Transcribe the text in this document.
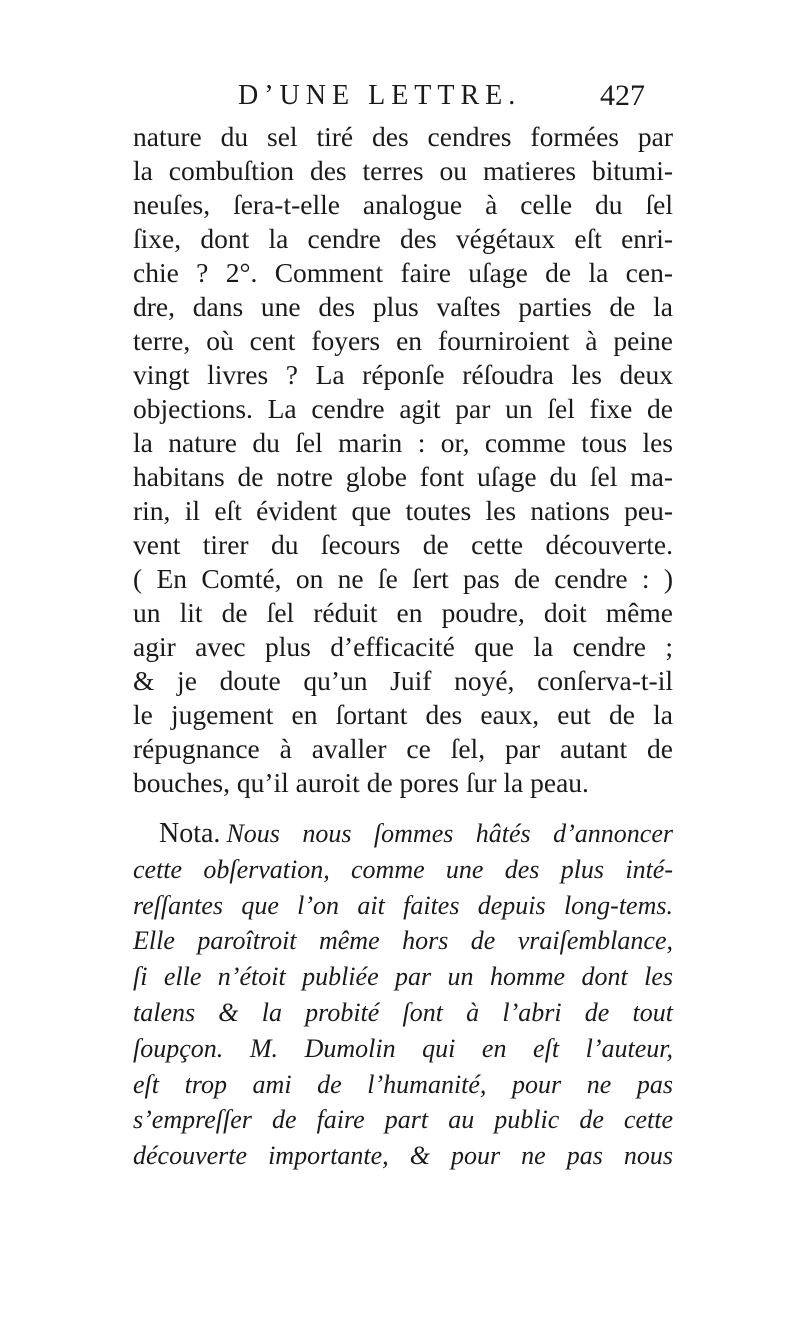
D’UNE LETTRE.	427
nature du sel tiré des cendres formées par
la combuſtion des terres ou matieres bitumi-
neuſes, ſera-t-elle analogue à celle du ſel
ſixe, dont la cendre des végétaux eſt enri-
chie ? 2°. Comment faire uſage de la cen-
dre, dans une des plus vaſtes parties de la
terre, où cent foyers en fourniroient à peine
vingt livres ? La réponſe réſoudra les deux
objections. La cendre agit par un ſel fixe de
la nature du ſel marin : or, comme tous les
habitans de notre globe font uſage du ſel ma-
rin, il eſt évident que toutes les nations peu-
vent tirer du ſecours de cette découverte.
( En Comté, on ne ſe ſert pas de cendre : )
un lit de ſel réduit en poudre, doit même
agir avec plus d’efficacité que la cendre ;
& je doute qu’un Juif noyé, conſerva-t-il
le jugement en ſortant des eaux, eut de la
répugnance à avaller ce ſel, par autant de
bouches, qu’il auroit de pores ſur la peau.
Nota. Nous nous ſommes hâtés d’annoncer
cette obſervation, comme une des plus inté-
reſſantes que l’on ait faites depuis long-tems.
Elle paroîtroit même hors de vraiſemblance,
ſi elle n’étoit publiée par un homme dont les
talens & la probité ſont à l’abri de tout
ſoupçon. M. Dumolin qui en eſt l’auteur,
eſt trop ami de l’humanité, pour ne pas
s’empreſſer de faire part au public de cette
découverte importante, & pour ne pas nous
